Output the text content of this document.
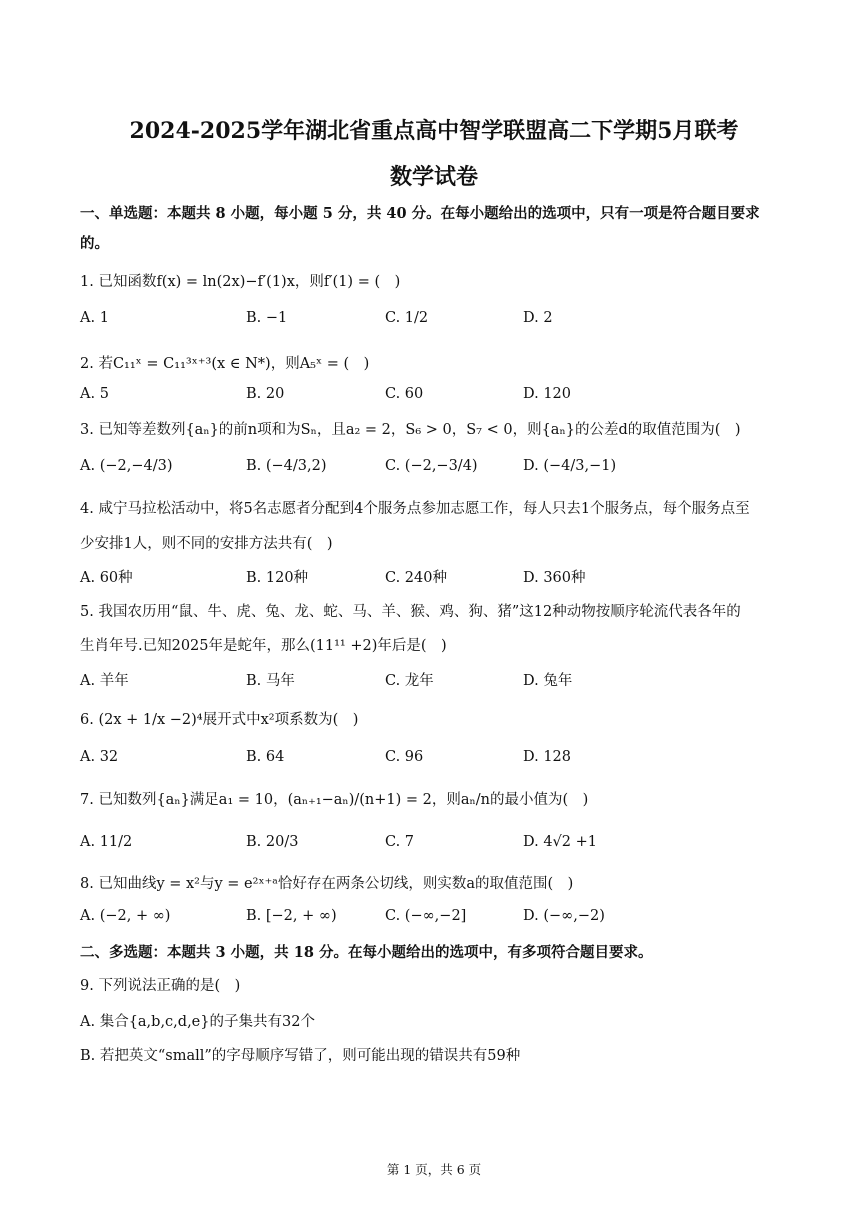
2024-2025学年湖北省重点高中智学联盟高二下学期5月联考
数学试卷
一、单选题：本题共 8 小题，每小题 5 分，共 40 分。在每小题给出的选项中，只有一项是符合题目要求
的。
1. 已知函数f(x) = ln(2x)−f′(1)x，则f′(1) = (　)
A. 1	B. −1	C. 1/2	D. 2
2. 若C₁₁ˣ = C₁₁³ˣ⁺³(x ∈ N*)，则A₅ˣ = (　)
A. 5	B. 20	C. 60	D. 120
3. 已知等差数列{aₙ}的前n项和为Sₙ，且a₂ = 2，S₆ > 0，S₇ < 0，则{aₙ}的公差d的取值范围为(　)
A. (−2,−4/3)	B. (−4/3,2)	C. (−2,−3/4)	D. (−4/3,−1)
4. 咸宁马拉松活动中，将5名志愿者分配到4个服务点参加志愿工作，每人只去1个服务点，每个服务点至
少安排1人，则不同的安排方法共有(　)
A. 60种	B. 120种	C. 240种	D. 360种
5. 我国农历用“鼠、牛、虎、兔、龙、蛇、马、羊、猴、鸡、狗、猪”这12种动物按顺序轮流代表各年的
生肖年号.已知2025年是蛇年，那么(11¹¹ +2)年后是(　)
A. 羊年	B. 马年	C. 龙年	D. 兔年
6. (2x + 1/x −2)⁴展开式中x²项系数为(　)
A. 32	B. 64	C. 96	D. 128
7. 已知数列{aₙ}满足a₁ = 10，(aₙ₊₁−aₙ)/(n+1) = 2，则aₙ/n的最小值为(　)
A. 11/2	B. 20/3	C. 7	D. 4√2 +1
8. 已知曲线y = x²与y = e²ˣ⁺ᵃ恰好存在两条公切线，则实数a的取值范围(　)
A. (−2, + ∞)	B. [−2, + ∞)	C. (−∞,−2]	D. (−∞,−2)
二、多选题：本题共 3 小题，共 18 分。在每小题给出的选项中，有多项符合题目要求。
9. 下列说法正确的是(　)
A. 集合{a,b,c,d,e}的子集共有32个
B. 若把英文“small”的字母顺序写错了，则可能出现的错误共有59种
第 1 页，共 6 页
